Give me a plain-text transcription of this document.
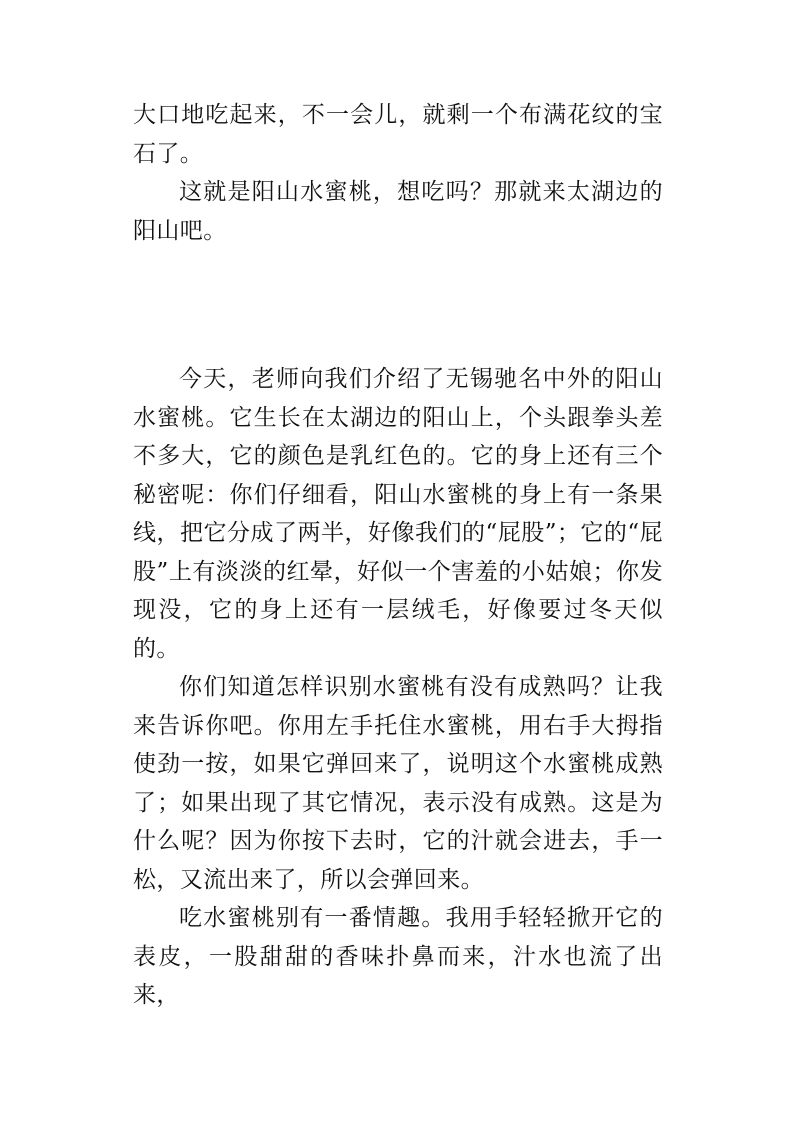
大口地吃起来，不一会儿，就剩一个布满花纹的宝石了。

这就是阳山水蜜桃，想吃吗？那就来太湖边的阳山吧。

今天，老师向我们介绍了无锡驰名中外的阳山水蜜桃。它生长在太湖边的阳山上，个头跟拳头差不多大，它的颜色是乳红色的。它的身上还有三个秘密呢：你们仔细看，阳山水蜜桃的身上有一条果线，把它分成了两半，好像我们的“屁股”；它的“屁股”上有淡淡的红晕，好似一个害羞的小姑娘；你发现没，它的身上还有一层绒毛，好像要过冬天似的。

你们知道怎样识别水蜜桃有没有成熟吗？让我来告诉你吧。你用左手托住水蜜桃，用右手大拇指使劲一按，如果它弹回来了，说明这个水蜜桃成熟了；如果出现了其它情况，表示没有成熟。这是为什么呢？因为你按下去时，它的汁就会进去，手一松，又流出来了，所以会弹回来。

吃水蜜桃别有一番情趣。我用手轻轻掀开它的表皮，一股甜甜的香味扑鼻而来，汁水也流了出来，
